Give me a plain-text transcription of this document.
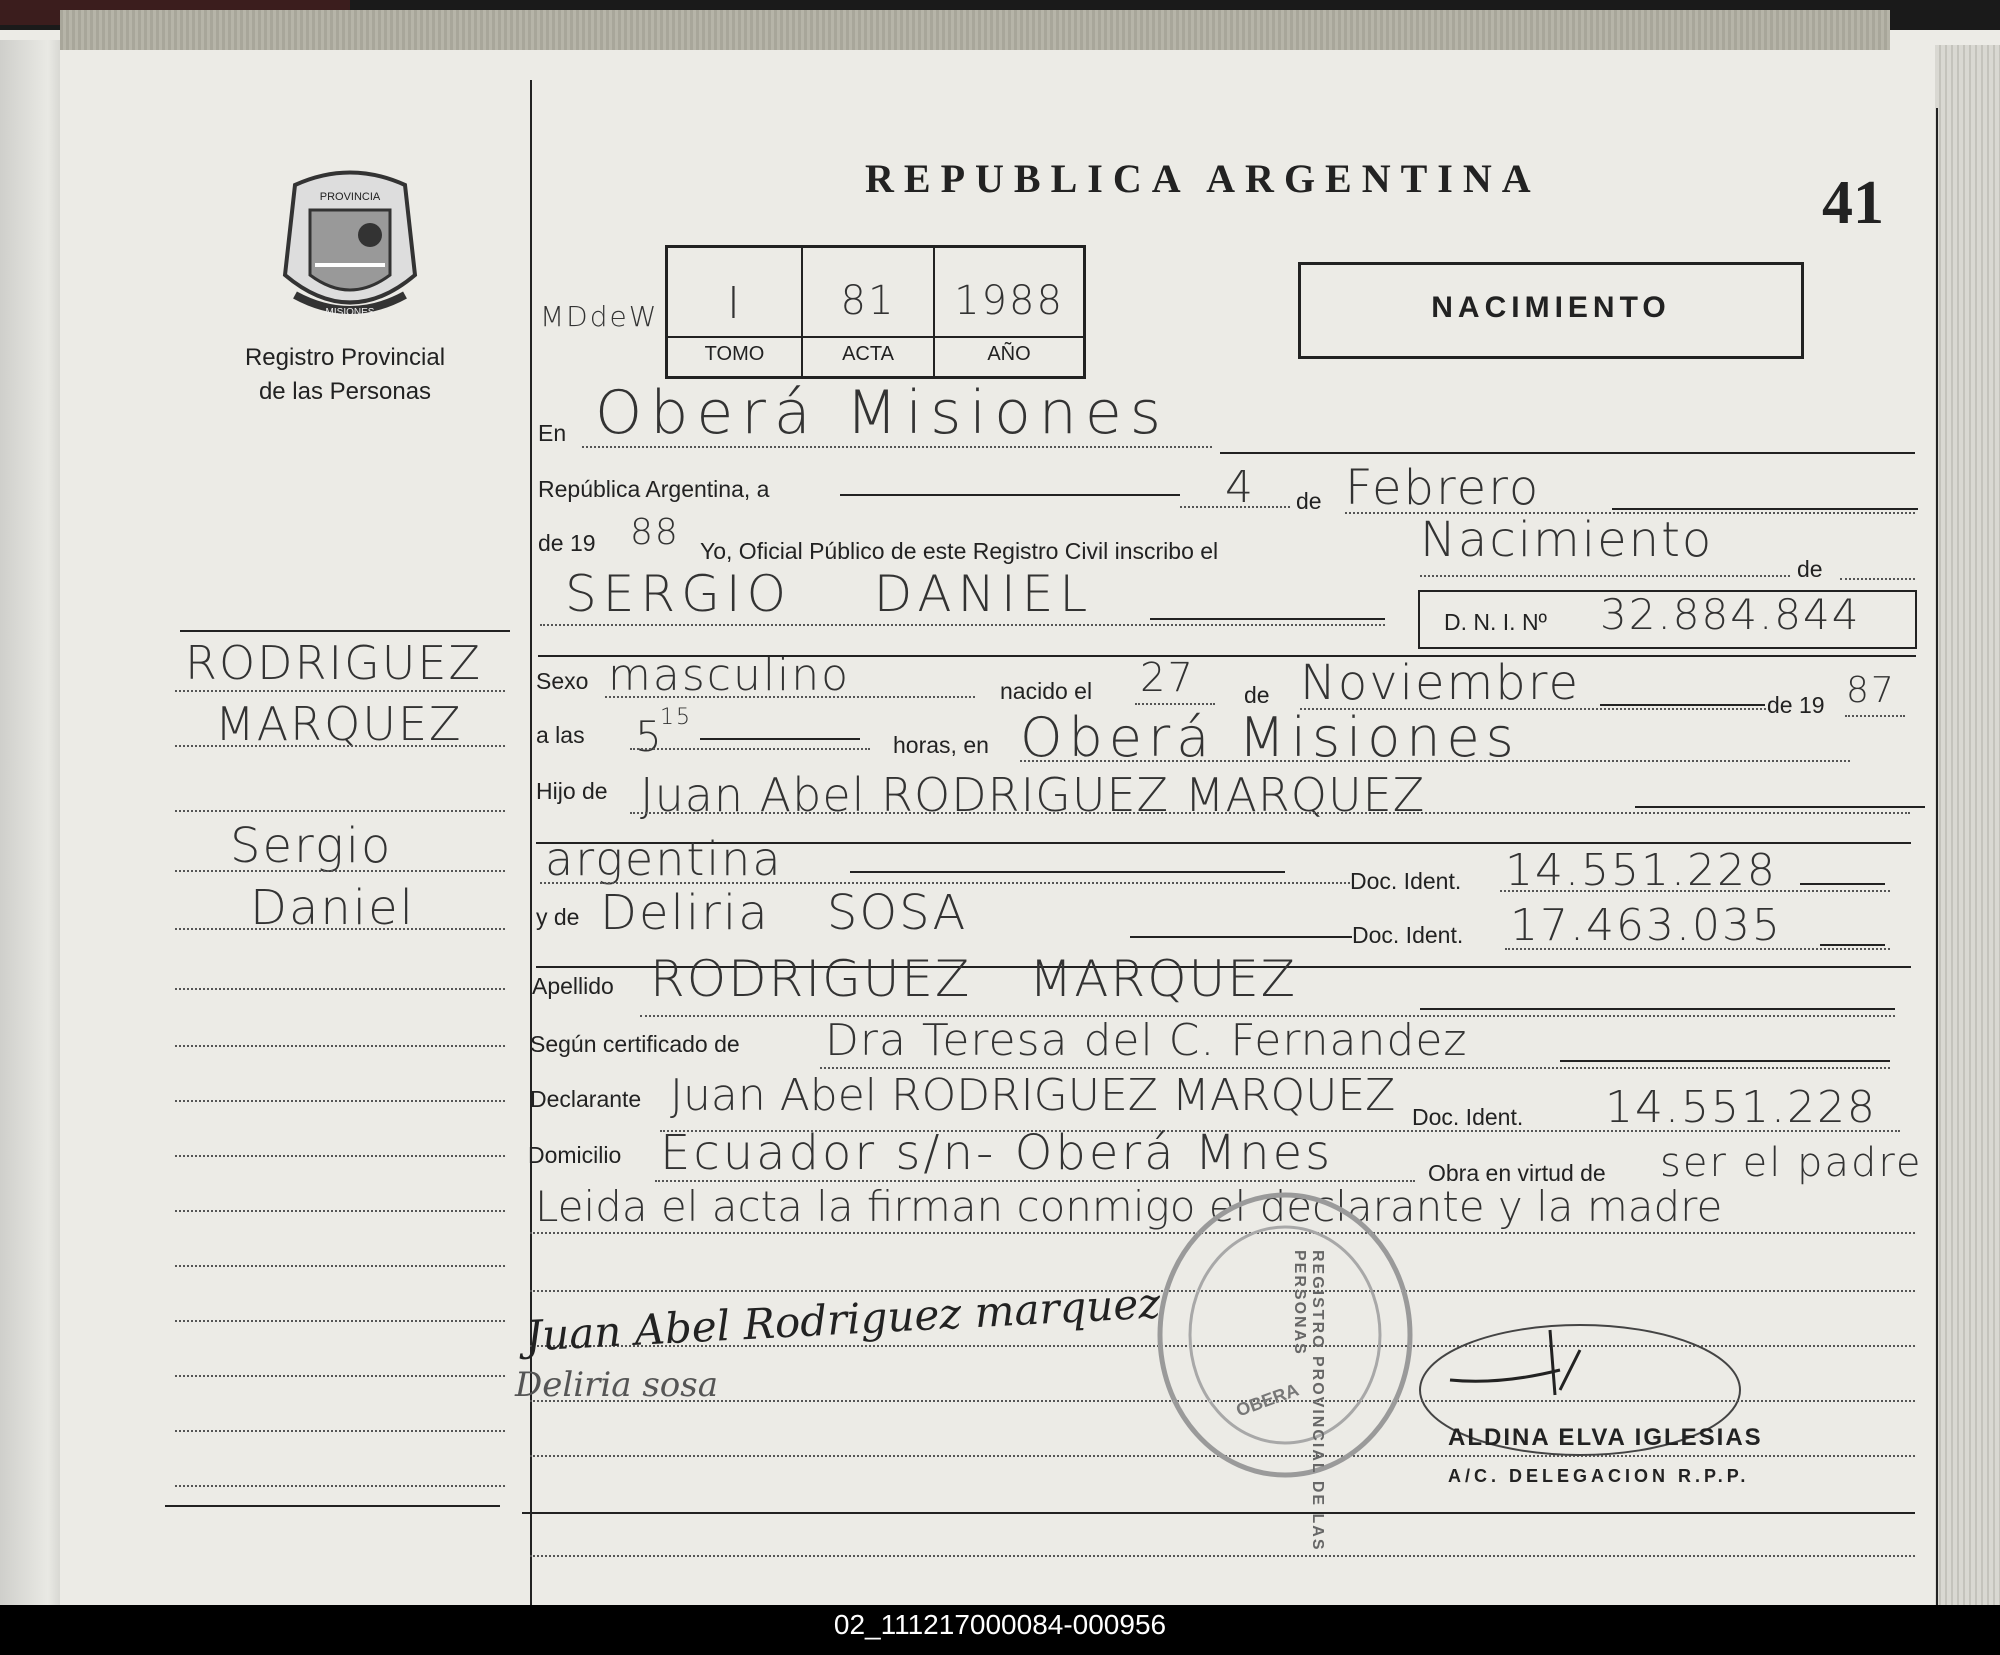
PROVINCIA
MISIONES
Registro Provincial
de las Personas
RODRIGUEZ
MARQUEZ
Sergio
Daniel
REPUBLICA ARGENTINA	41
NACIMIENTO
MDdeW	I	81	1988
TOMO	ACTA	AÑO
En Oberá Misiones
República Argentina, a	4 de Febrero
de 19 88 Yo, Oficial Público de este Registro Civil inscribo el	Nacimiento
de
SERGIO DANIEL	D. N. I. Nº 32.884.844
Sexo masculino	nacido el 27 de Noviembre	de 19 87
a las 5
15
horas, en Oberá Misiones
Hijo de Juan Abel RODRIGUEZ MARQUEZ
argentina	Doc. Ident. 14.551.228
y de Deliria SOSA	Doc. Ident. 17.463.035
Apellido RODRIGUEZ MARQUEZ
Según certificado de Dra Teresa del C. Fernandez
Declarante Juan Abel RODRIGUEZ MARQUEZ Doc. Ident. 14.551.228
Domicilio Ecuador s/n- Oberá Mnes	Obra en virtud de ser el padre
Leida el acta la firman conmigo el declarante y la madre
REGISTRO PROVINCIAL DE LAS PERSONAS
OBERA
Juan Abel Rodriguez marquez
Deliria sosa
ALDINA ELVA IGLESIAS
A/C. DELEGACION R.P.P.
02_111217000084-000956
